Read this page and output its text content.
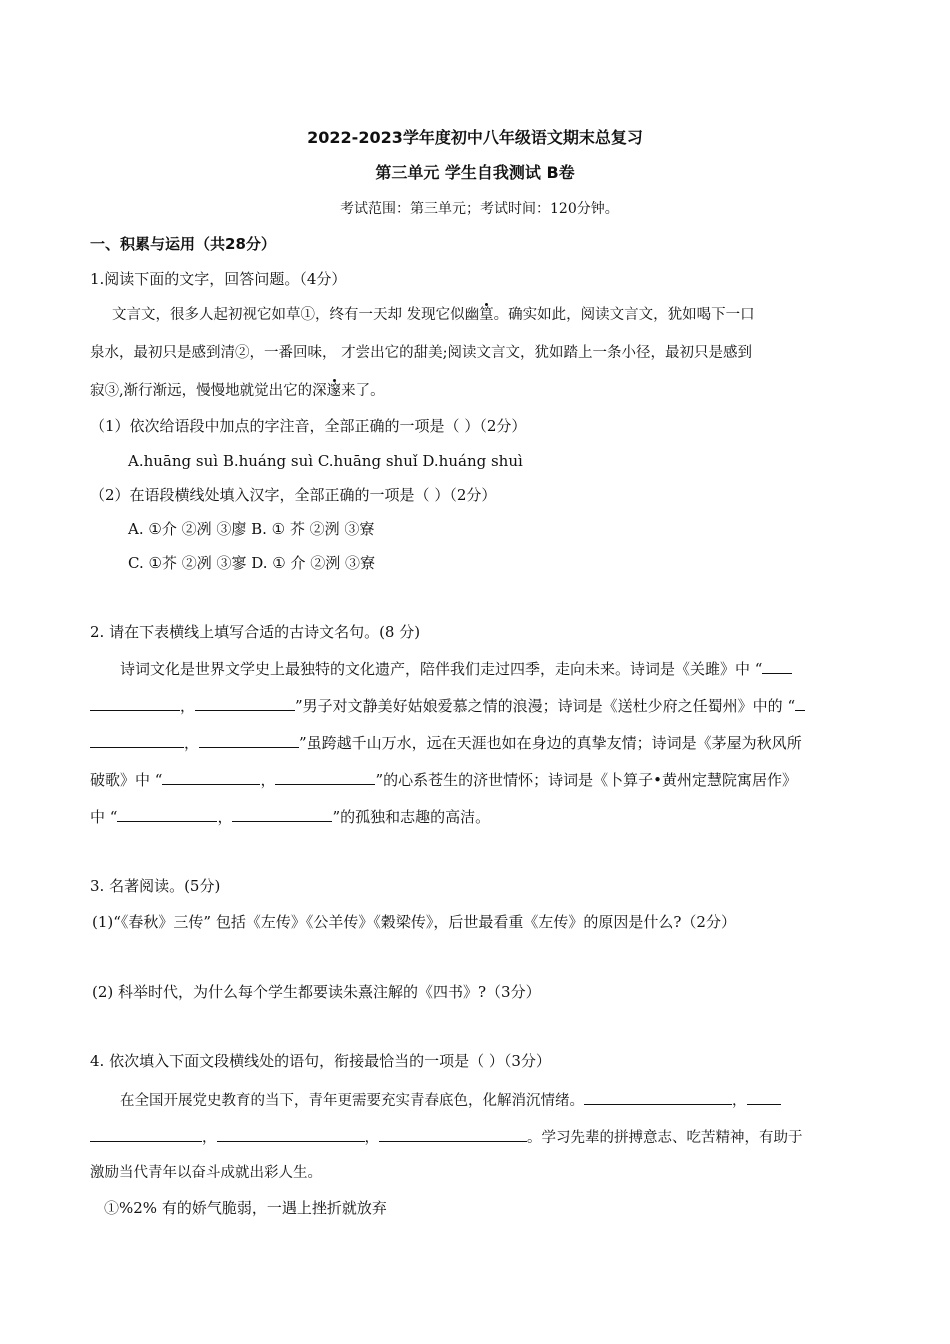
2022-2023学年度初中八年级语文期末总复习
第三单元 学生自我测试 B卷
考试范围：第三单元；考试时间：120分钟。
一、积累与运用（共28分）
1.阅读下面的文字，回答问题。（4分）
文言文，很多人起初视它如草①，终有一天却 发现它似幽篁。确实如此，阅读文言文，犹如喝下一口
泉水，最初只是感到清②，一番回味， 才尝出它的甜美;阅读文言文，犹如踏上一条小径，最初只是感到
寂③,渐行渐远，慢慢地就觉出它的深邃来了。
（1）依次给语段中加点的字注音，全部正确的一项是（ ）（2分）
A.huāng suì B.huáng suì C.huāng shuǐ D.huáng shuì
（2）在语段横线处填入汉字，全部正确的一项是（ ）（2分）
A. ①介 ②冽 ③廖 B. ① 芥 ②洌 ③寮
C. ①芥 ②冽 ③寥 D. ① 介 ②洌 ③寮
2. 请在下表横线上填写合适的古诗文名句。(8 分)
诗词文化是世界文学史上最独特的文化遗产，陪伴我们走过四季，走向未来。诗词是《关雎》中 “
，	”男子对文静美好姑娘爱慕之情的浪漫；诗词是《送杜少府之任蜀州》中的 “
，	”虽跨越千山万水，远在天涯也如在身边的真挚友情；诗词是《茅屋为秋风所
破歌》中 “	，	”的心系苍生的济世情怀；诗词是《卜算子•黄州定慧院寓居作》
中 “	，	”的孤独和志趣的高洁。
3. 名著阅读。(5分)
(1)“《春秋》三传” 包括《左传》《公羊传》《穀梁传》，后世最看重《左传》的原因是什么?（2分）
(2) 科举时代，为什么每个学生都要读朱熹注解的《四书》?（3分）
4. 依次填入下面文段横线处的语句，衔接最恰当的一项是（ ）（3分）
在全国开展党史教育的当下，青年更需要充实青春底色，化解消沉情绪。	，
，	，	。学习先辈的拼搏意志、吃苦精神，有助于
激励当代青年以奋斗成就出彩人生。
①%2% 有的娇气脆弱，一遇上挫折就放弃
